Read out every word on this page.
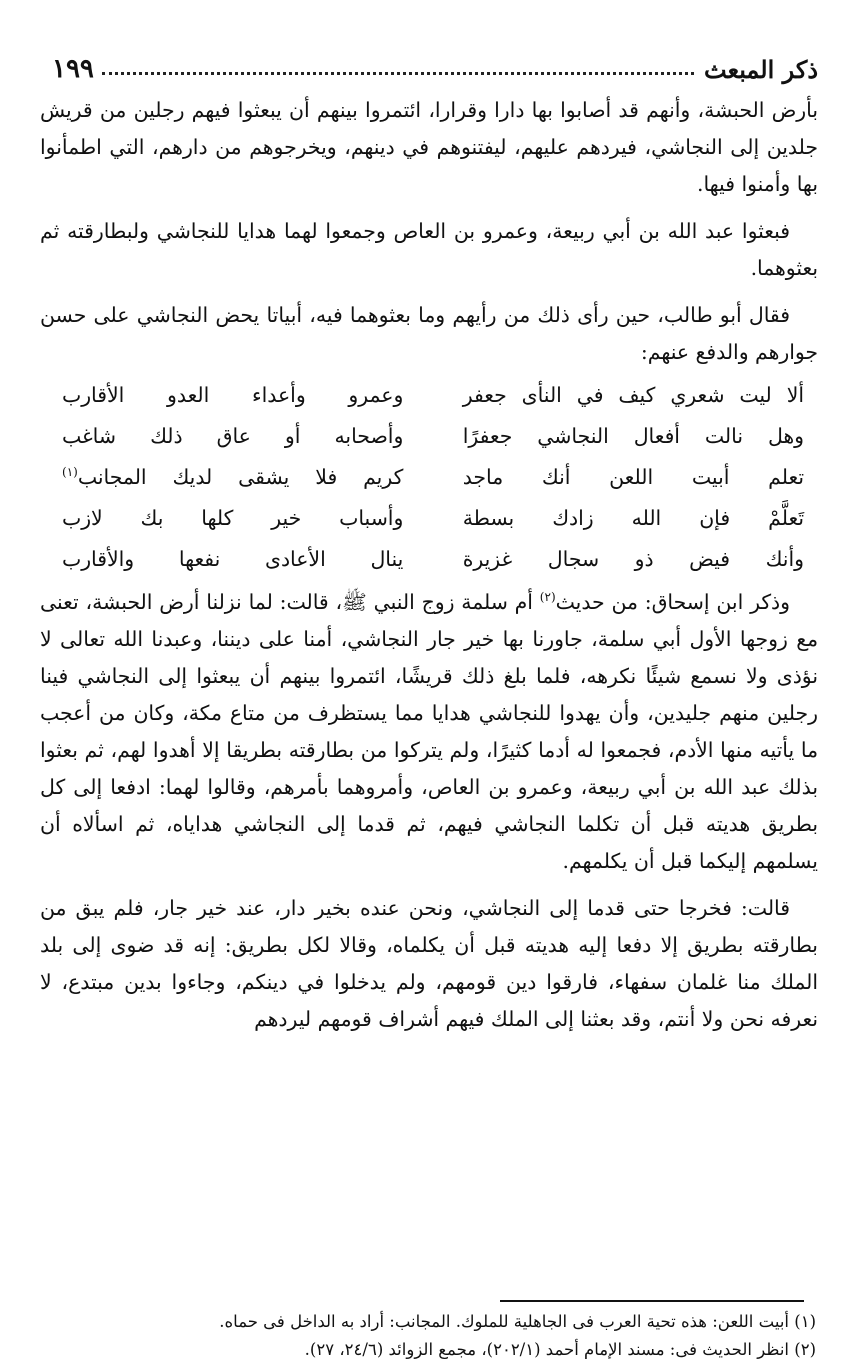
١٩٩	ذكر المبعث

بأرض الحبشة، وأنهم قد أصابوا بها دارا وقرارا، ائتمروا بينهم أن يبعثوا فيهم رجلين من قريش جلدين إلى النجاشي، فيردهم عليهم، ليفتنوهم في دينهم، ويخرجوهم من دارهم، التي اطمأنوا بها وأمنوا فيها.

فبعثوا عبد الله بن أبي ربيعة، وعمرو بن العاص وجمعوا لهما هدايا للنجاشي ولبطارقته ثم بعثوهما.

فقال أبو طالب، حين رأى ذلك من رأيهم وما بعثوهما فيه، أبياتا يحض النجاشي على حسن جوارهم والدفع عنهم:

ألا ليت شعري كيف في النأى جعفر
وعمرو وأعداء العدو الأقارب
وهل نالت أفعال النجاشي جعفرًا
وأصحابه أو عاق ذلك شاغب
تعلم أبيت اللعن أنك ماجد
كريم فلا يشقى لديك المجانب$^{(١)}$
تَعلَّمْ فإن الله زادك بسطة
وأسباب خير كلها بك لازب
وأنك فيض ذو سجال غزيرة
ينال الأعادى نفعها والأقارب

وذكر ابن إسحاق: من حديث$^{(٢)}$ أم سلمة زوج النبي ﷺ، قالت: لما نزلنا أرض الحبشة، تعنى مع زوجها الأول أبي سلمة، جاورنا بها خير جار النجاشي، أمنا على ديننا، وعبدنا الله تعالى لا نؤذى ولا نسمع شيئًا نكرهه، فلما بلغ ذلك قريشًا، ائتمروا بينهم أن يبعثوا إلى النجاشي فينا رجلين منهم جليدين، وأن يهدوا للنجاشي هدايا مما يستظرف من متاع مكة، وكان من أعجب ما يأتيه منها الأدم، فجمعوا له أدما كثيرًا، ولم يتركوا من بطارقته بطريقا إلا أهدوا لهم، ثم بعثوا بذلك عبد الله بن أبي ربيعة، وعمرو بن العاص، وأمروهما بأمرهم، وقالوا لهما: ادفعا إلى كل بطريق هديته قبل أن تكلما النجاشي فيهم، ثم قدما إلى النجاشي هداياه، ثم اسألاه أن يسلمهم إليكما قبل أن يكلمهم.

قالت: فخرجا حتى قدما إلى النجاشي، ونحن عنده بخير دار، عند خير جار، فلم يبق من بطارقته بطريق إلا دفعا إليه هديته قبل أن يكلماه، وقالا لكل بطريق: إنه قد ضوى إلى بلد الملك منا غلمان سفهاء، فارقوا دين قومهم، ولم يدخلوا في دينكم، وجاءوا بدين مبتدع، لا نعرفه نحن ولا أنتم، وقد بعثنا إلى الملك فيهم أشراف قومهم ليردهم

(١) أبيت اللعن: هذه تحية العرب فى الجاهلية للملوك. المجانب: أراد به الداخل فى حماه.

(٢) انظر الحديث فى: مسند الإمام أحمد (٢٠٢/١)، مجمع الزوائد (٢٤/٦، ٢٧).
